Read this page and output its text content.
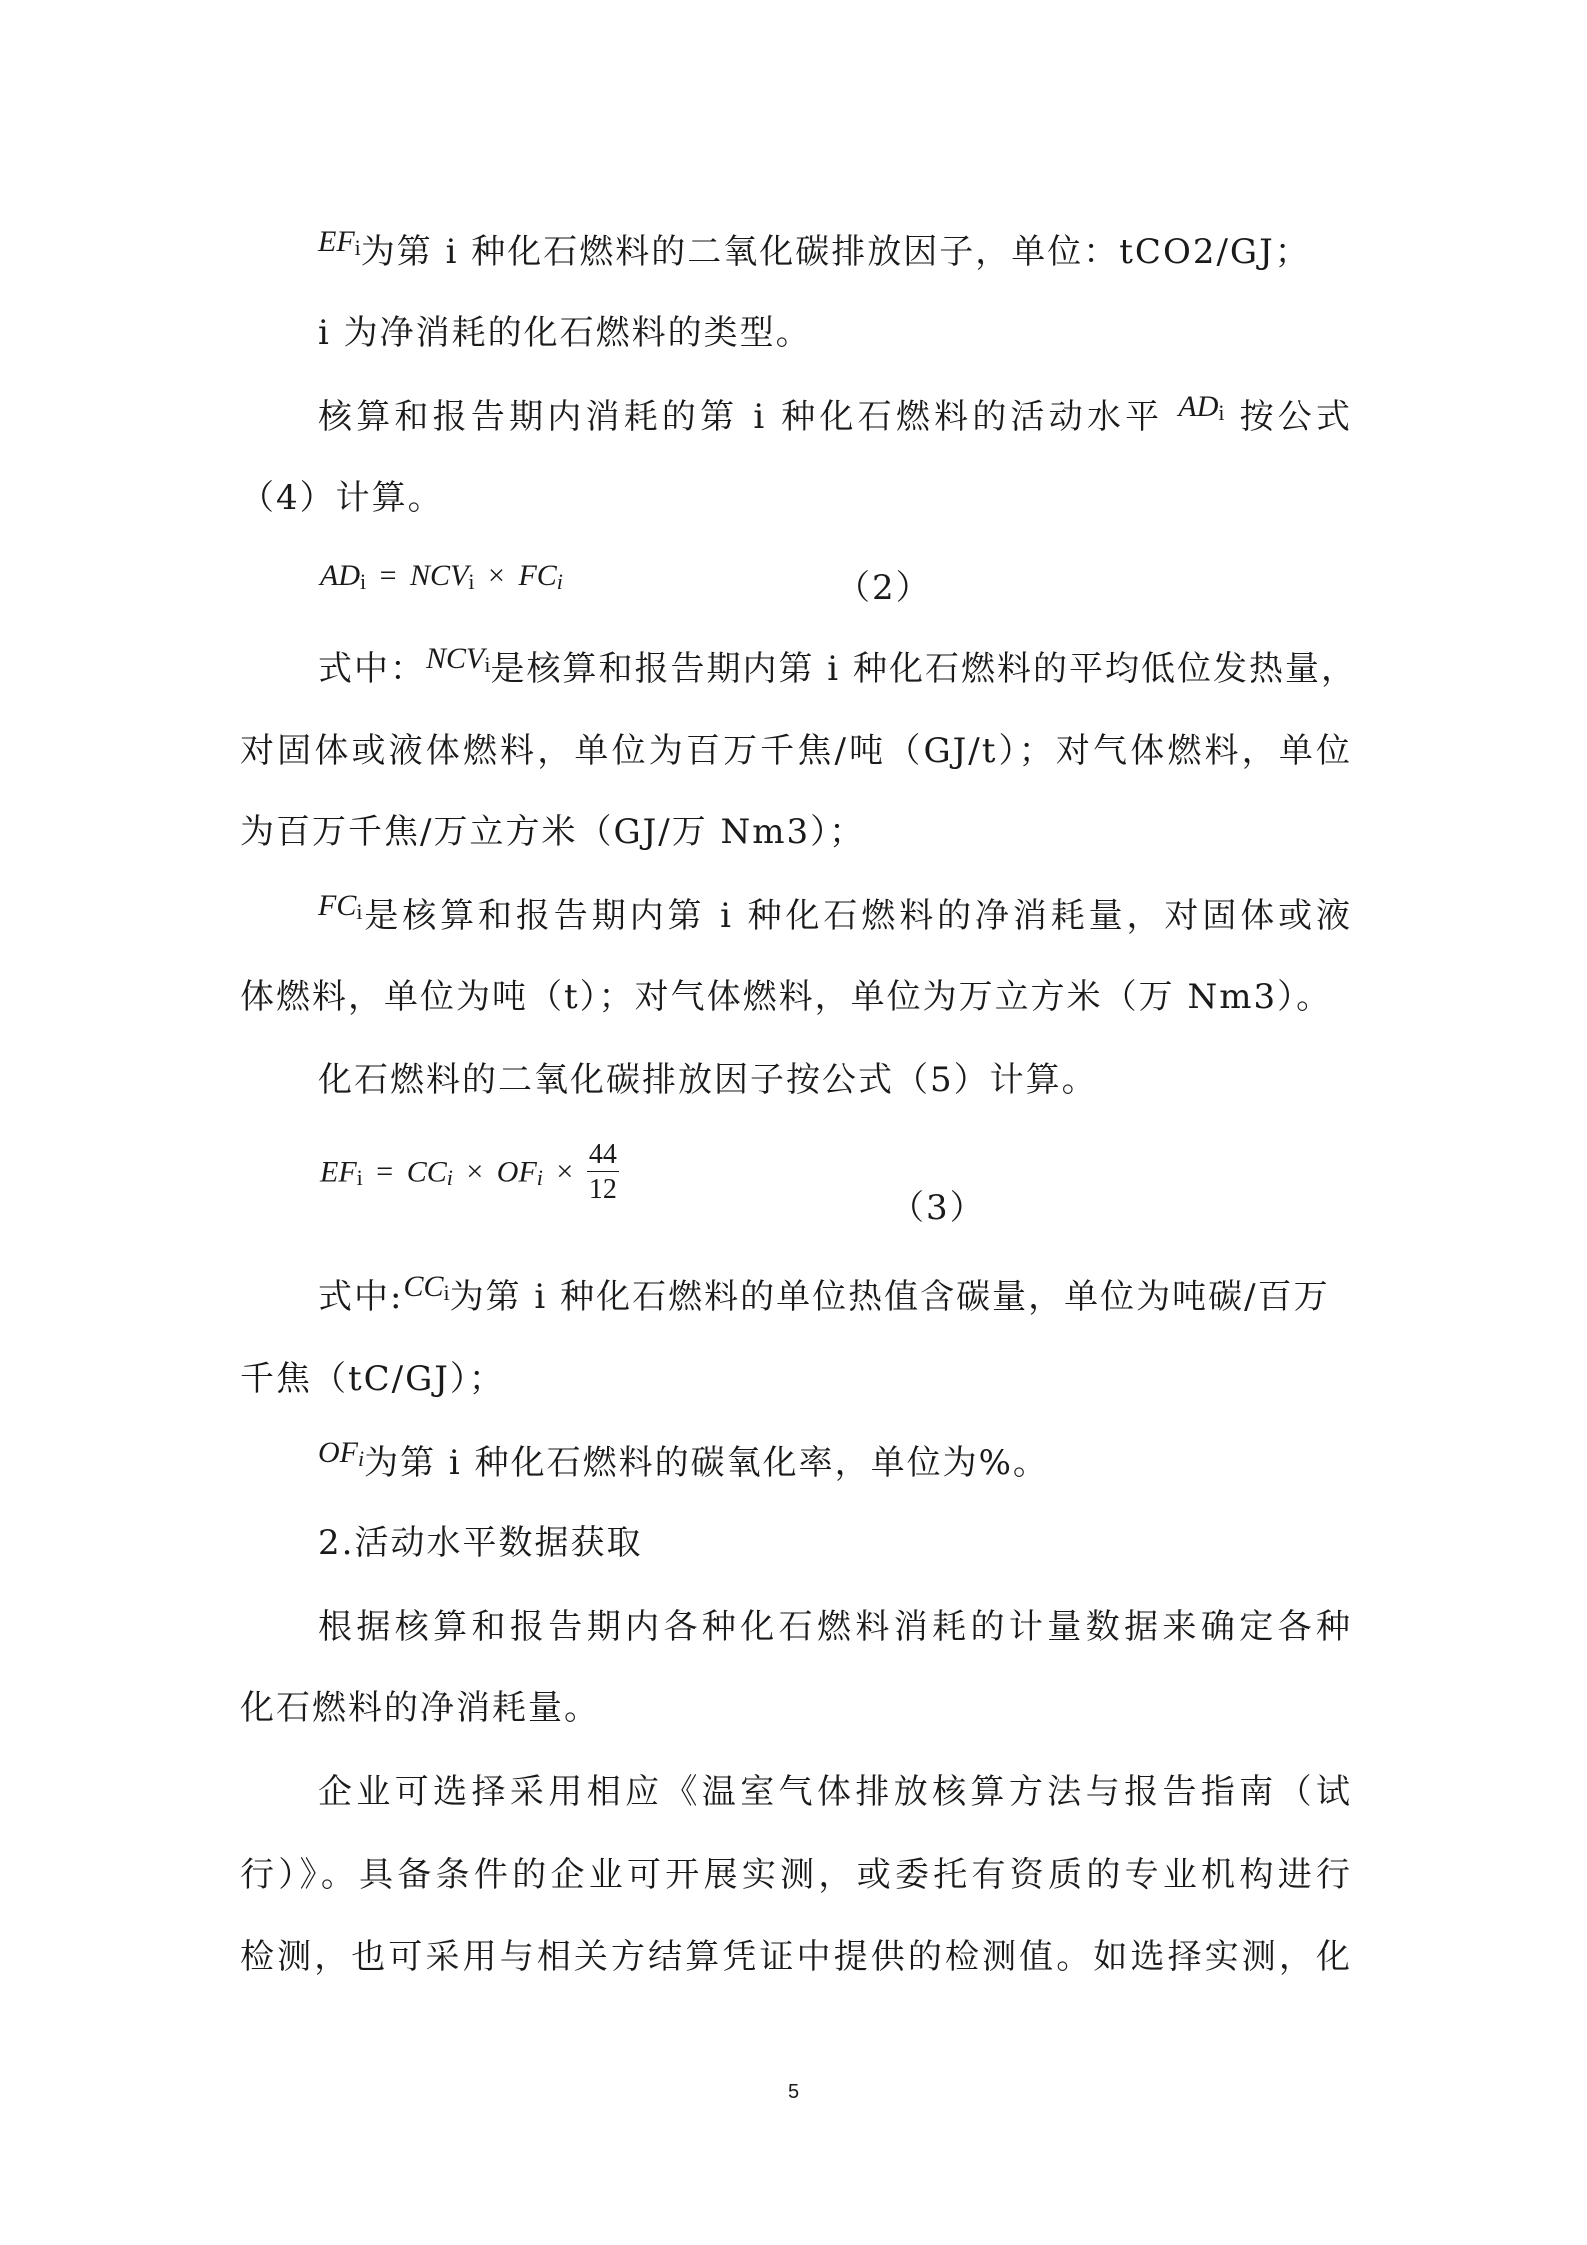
EFi为第 i 种化石燃料的二氧化碳排放因子，单位：tCO2/GJ；
i 为净消耗的化石燃料的类型。
核算和报告期内消耗的第 i 种化石燃料的活动水平 ADi 按公式
（4）计算。
ADi = NCVi × FCi	（2）
式中：NCVi是核算和报告期内第 i 种化石燃料的平均低位发热量，
对固体或液体燃料，单位为百万千焦/吨（GJ/t）；对气体燃料，单位
为百万千焦/万立方米（GJ/万 Nm3）；
FCi是核算和报告期内第 i 种化石燃料的净消耗量，对固体或液
体燃料，单位为吨（t）；对气体燃料，单位为万立方米（万 Nm3）。
化石燃料的二氧化碳排放因子按公式（5）计算。
EFi = CCi × OFi × $\frac{44}{12}$
（3）
式中:CCi为第 i 种化石燃料的单位热值含碳量，单位为吨碳/百万
千焦（tC/GJ）；
OFi为第 i 种化石燃料的碳氧化率，单位为%。
2.活动水平数据获取
根据核算和报告期内各种化石燃料消耗的计量数据来确定各种
化石燃料的净消耗量。
企业可选择采用相应《温室气体排放核算方法与报告指南（试
行）》。具备条件的企业可开展实测，或委托有资质的专业机构进行
检测，也可采用与相关方结算凭证中提供的检测值。如选择实测，化
5
